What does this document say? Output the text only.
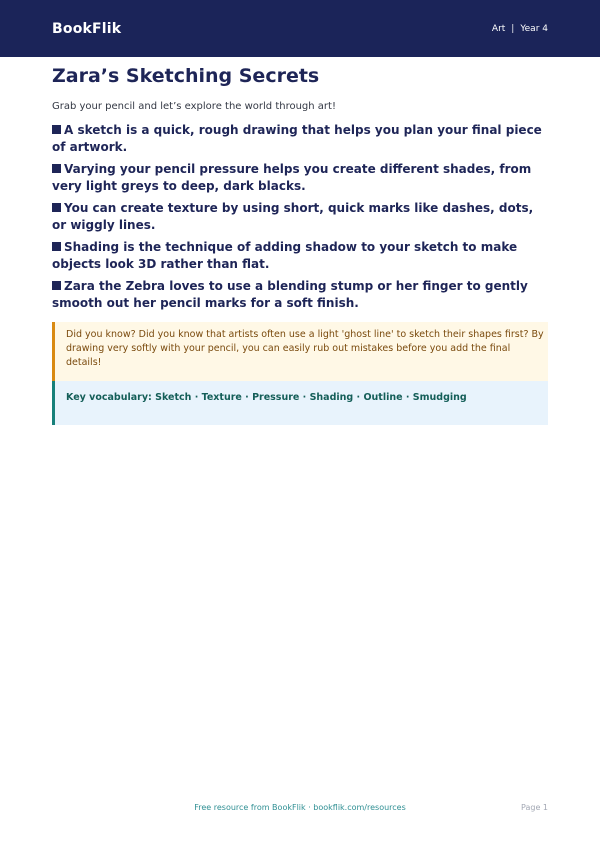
BookFlik	Art | Year 4
Zara’s Sketching Secrets

Grab your pencil and let’s explore the world through art!

A sketch is a quick, rough drawing that helps you plan your final piece of artwork.
Varying your pencil pressure helps you create different shades, from very light greys to deep, dark blacks.
You can create texture by using short, quick marks like dashes, dots, or wiggly lines.
Shading is the technique of adding shadow to your sketch to make objects look 3D rather than flat.
Zara the Zebra loves to use a blending stump or her finger to gently smooth out her pencil marks for a soft finish.
Did you know? Did you know that artists often use a light 'ghost line' to sketch their shapes first? By drawing very softly with your pencil, you can easily rub out mistakes before you add the final details!
Key vocabulary: Sketch · Texture · Pressure · Shading · Outline · Smudging
Free resource from BookFlik · bookflik.com/resources	Page 1
